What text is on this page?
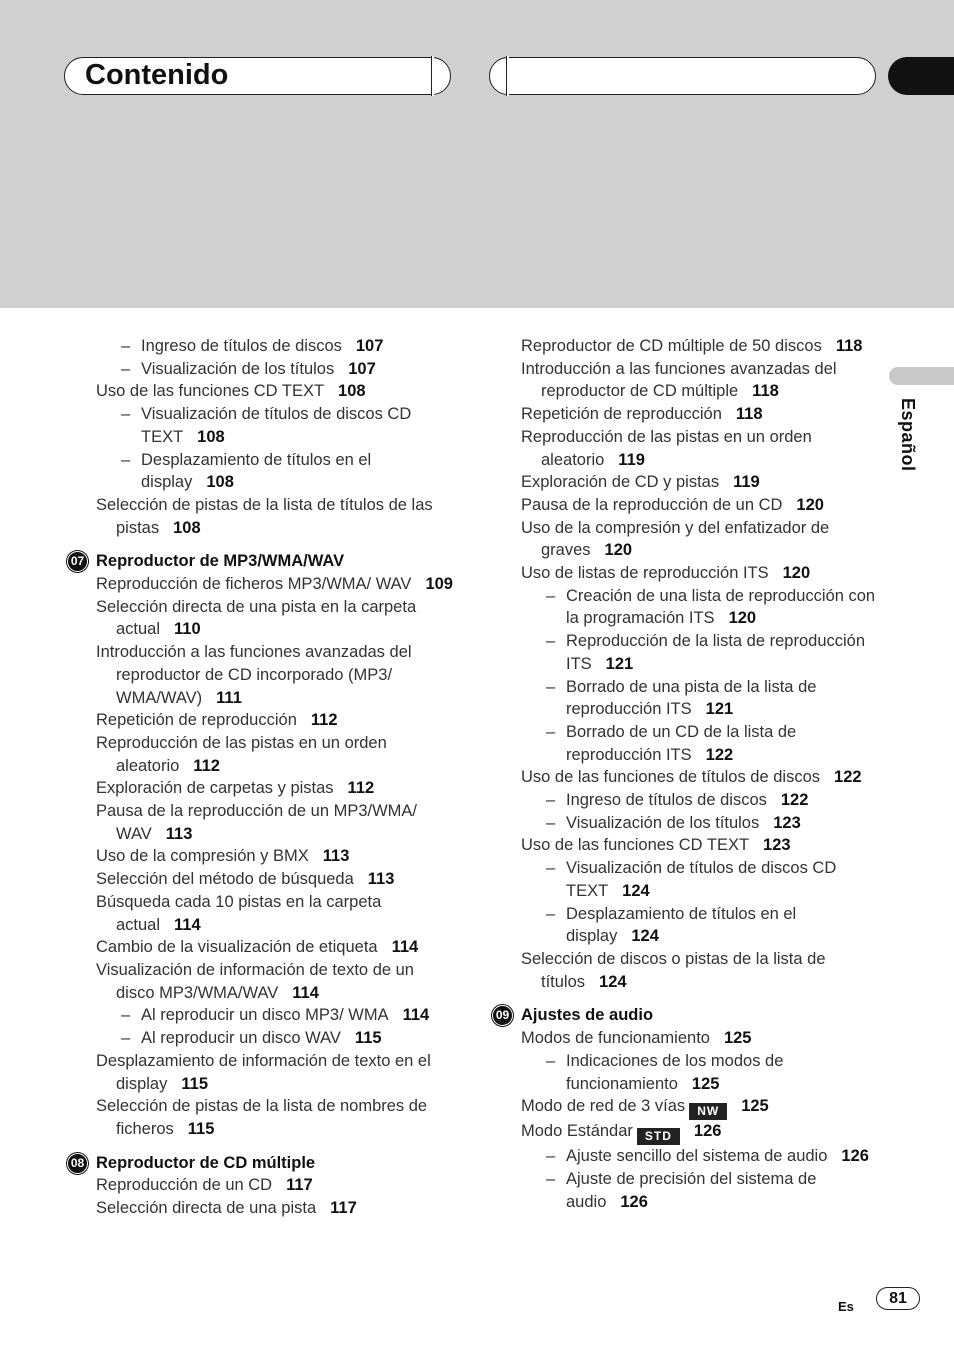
Contenido
Español
– Ingreso de títulos de discos 107
– Visualización de los títulos 107
Uso de las funciones CD TEXT 108
– Visualización de títulos de discos CD TEXT 108
– Desplazamiento de títulos en el display 108
Selección de pistas de la lista de títulos de las pistas 108
07 Reproductor de MP3/WMA/WAV
Reproducción de ficheros MP3/WMA/ WAV 109
Selección directa de una pista en la carpeta actual 110
Introducción a las funciones avanzadas del reproductor de CD incorporado (MP3/ WMA/WAV) 111
Repetición de reproducción 112
Reproducción de las pistas en un orden aleatorio 112
Exploración de carpetas y pistas 112
Pausa de la reproducción de un MP3/WMA/ WAV 113
Uso de la compresión y BMX 113
Selección del método de búsqueda 113
Búsqueda cada 10 pistas en la carpeta actual 114
Cambio de la visualización de etiqueta 114
Visualización de información de texto de un disco MP3/WMA/WAV 114
– Al reproducir un disco MP3/ WMA 114
– Al reproducir un disco WAV 115
Desplazamiento de información de texto en el display 115
Selección de pistas de la lista de nombres de ficheros 115
08 Reproductor de CD múltiple
Reproducción de un CD 117
Selección directa de una pista 117
Reproductor de CD múltiple de 50 discos 118
Introducción a las funciones avanzadas del reproductor de CD múltiple 118
Repetición de reproducción 118
Reproducción de las pistas en un orden aleatorio 119
Exploración de CD y pistas 119
Pausa de la reproducción de un CD 120
Uso de la compresión y del enfatizador de graves 120
Uso de listas de reproducción ITS 120
– Creación de una lista de reproducción con la programación ITS 120
– Reproducción de la lista de reproducción ITS 121
– Borrado de una pista de la lista de reproducción ITS 121
– Borrado de un CD de la lista de reproducción ITS 122
Uso de las funciones de títulos de discos 122
– Ingreso de títulos de discos 122
– Visualización de los títulos 123
Uso de las funciones CD TEXT 123
– Visualización de títulos de discos CD TEXT 124
– Desplazamiento de títulos en el display 124
Selección de discos o pistas de la lista de títulos 124
09 Ajustes de audio
Modos de funcionamiento 125
– Indicaciones de los modos de funcionamiento 125
Modo de red de 3 vías NW 125
Modo Estándar STD 126
– Ajuste sencillo del sistema de audio 126
– Ajuste de precisión del sistema de audio 126
Es	81
